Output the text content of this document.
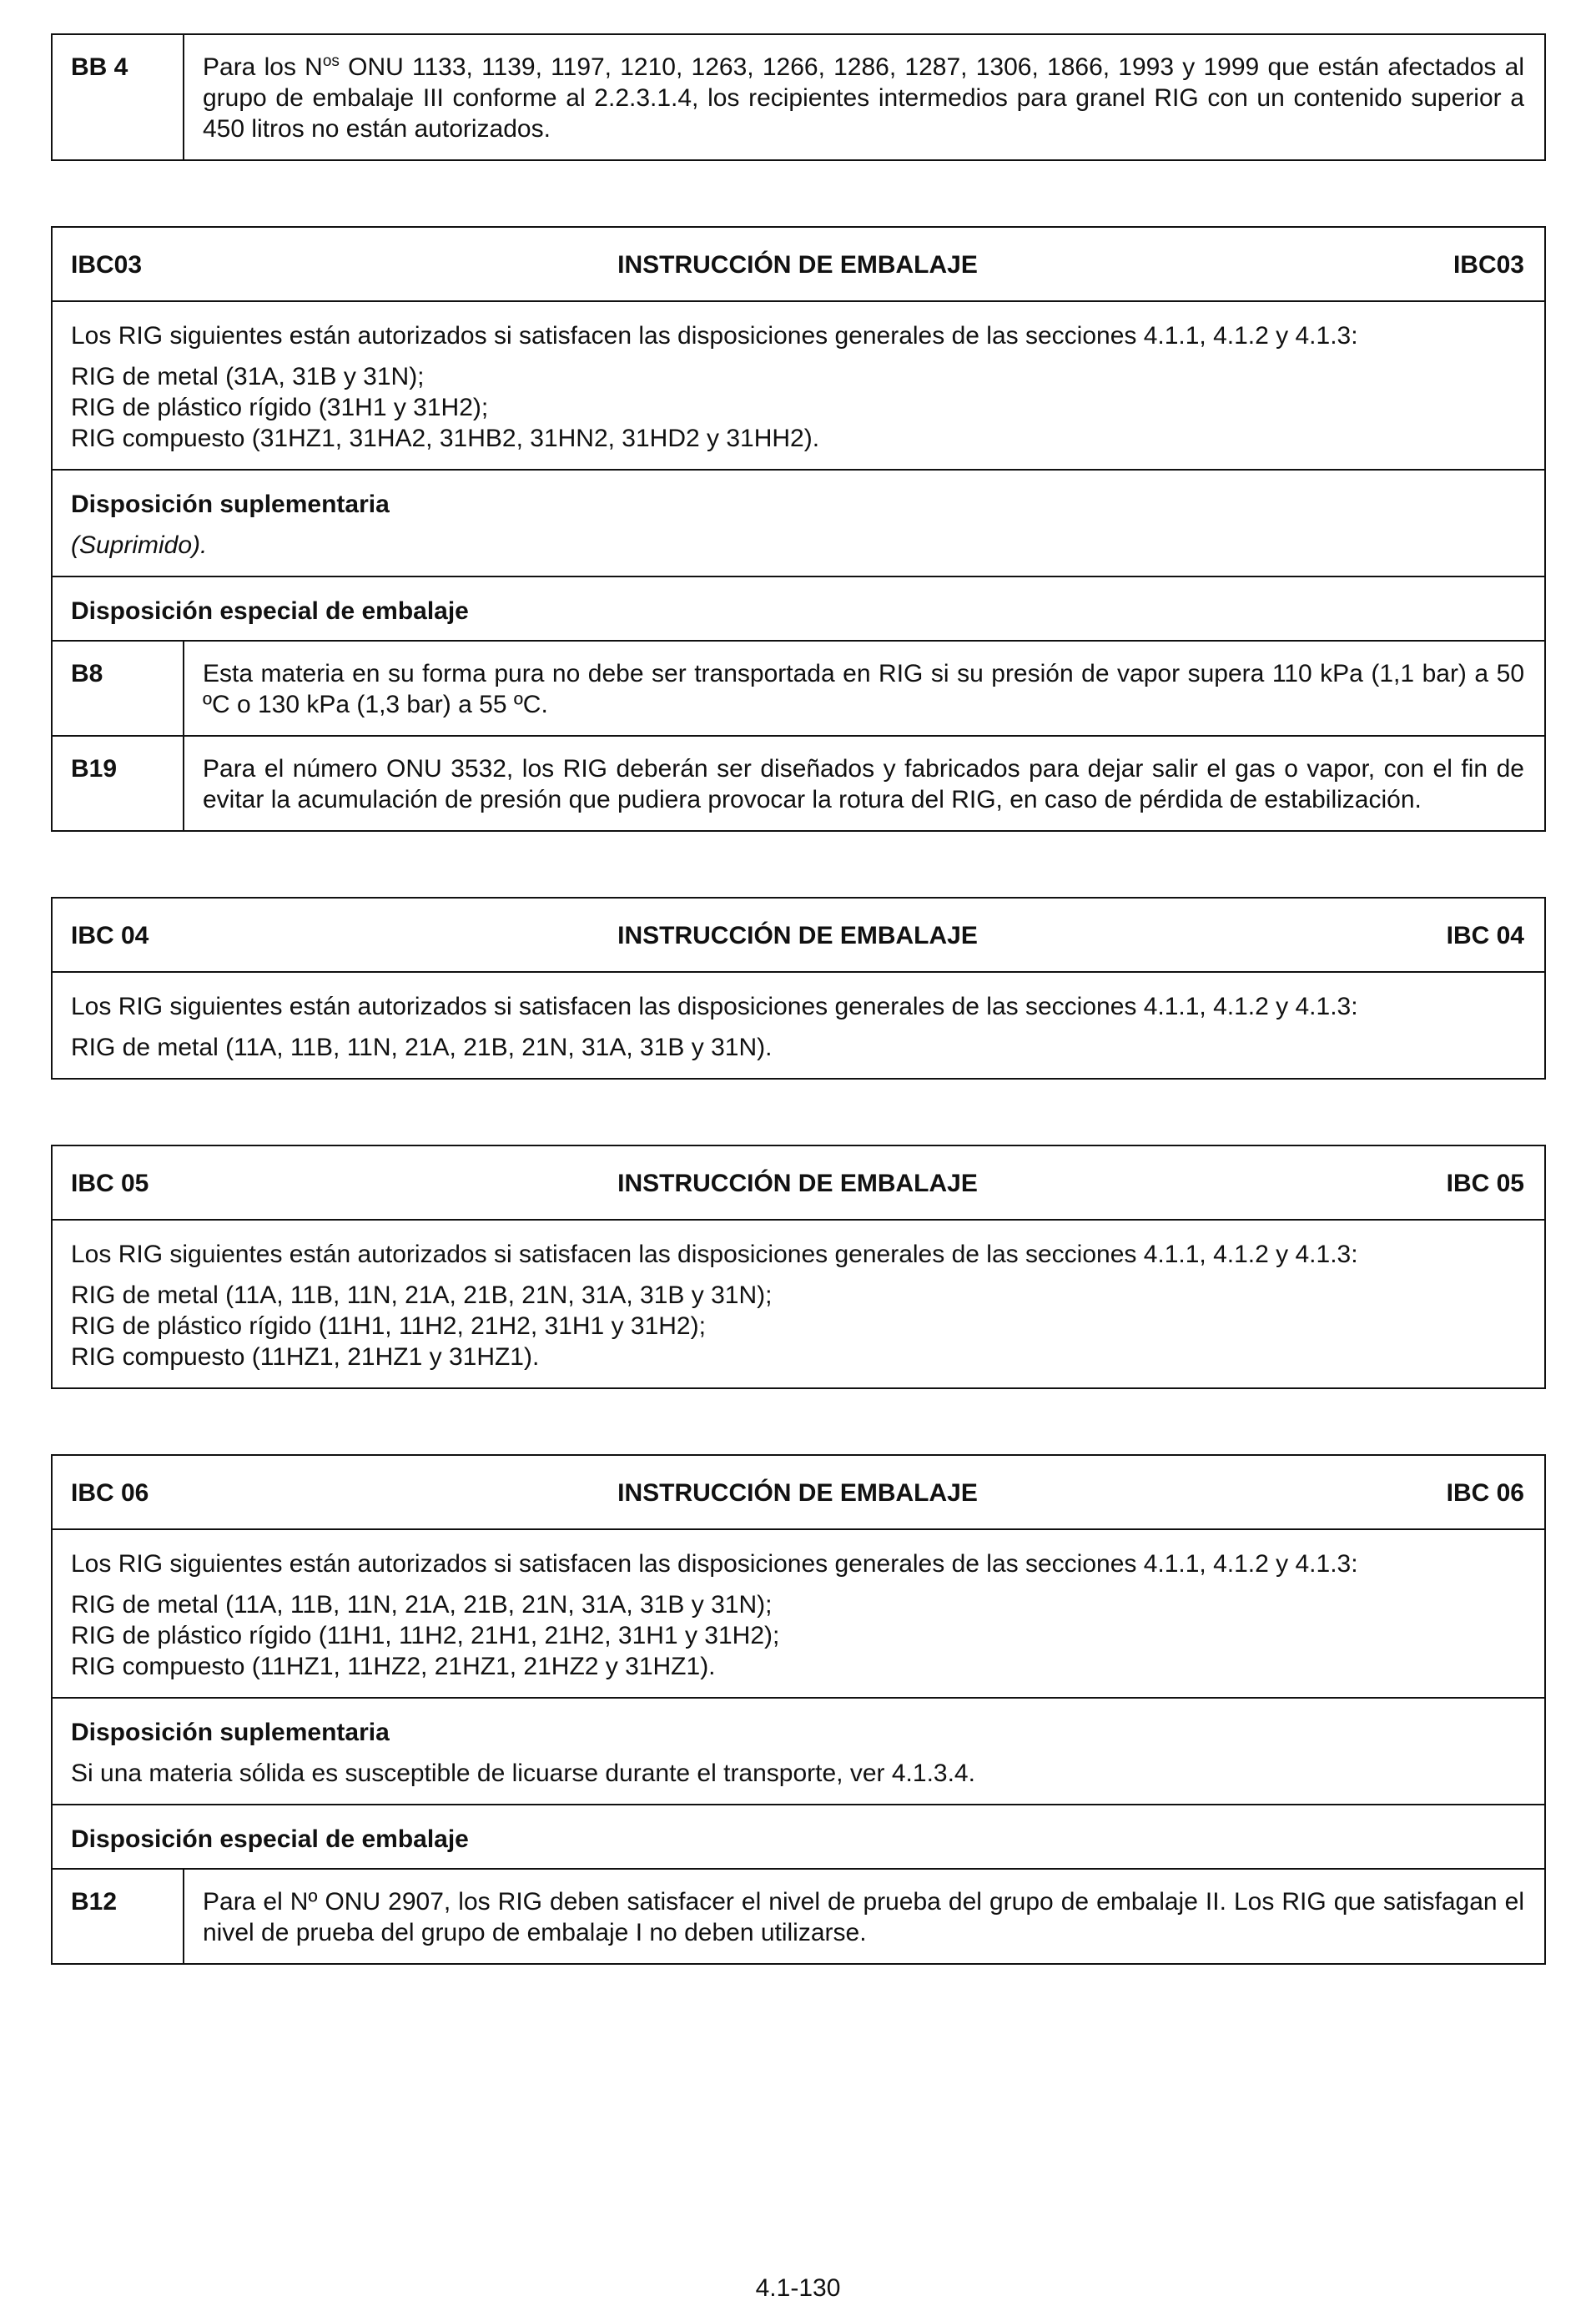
BB 4	Para los $N^{os}$ ONU 1133, 1139, 1197, 1210, 1263, 1266, 1286, 1287, 1306, 1866, 1993 y 1999 que están afectados al grupo de embalaje III conforme al 2.2.3.1.4, los recipientes intermedios para granel RIG con un contenido superior a 450 litros no están autorizados.
IBC03	INSTRUCCIÓN DE EMBALAJE	IBC03

Los RIG siguientes están autorizados si satisfacen las disposiciones generales de las secciones 4.1.1, 4.1.2 y 4.1.3:

RIG de metal (31A, 31B y 31N);
RIG de plástico rígido (31H1 y 31H2);
RIG compuesto (31HZ1, 31HA2, 31HB2, 31HN2, 31HD2 y 31HH2).

Disposición suplementaria

(Suprimido).

Disposición especial de embalaje

B8	Esta materia en su forma pura no debe ser transportada en RIG si su presión de vapor supera 110 kPa (1,1 bar) a 50 ºC o 130 kPa (1,3 bar) a 55 ºC.
B19	Para el número ONU 3532, los RIG deberán ser diseñados y fabricados para dejar salir el gas o vapor, con el fin de evitar la acumulación de presión que pudiera provocar la rotura del RIG, en caso de pérdida de estabilización.
IBC 04	INSTRUCCIÓN DE EMBALAJE	IBC 04

Los RIG siguientes están autorizados si satisfacen las disposiciones generales de las secciones 4.1.1, 4.1.2 y 4.1.3:

RIG de metal (11A, 11B, 11N, 21A, 21B, 21N, 31A, 31B y 31N).

IBC 05	INSTRUCCIÓN DE EMBALAJE	IBC 05

Los RIG siguientes están autorizados si satisfacen las disposiciones generales de las secciones 4.1.1, 4.1.2 y 4.1.3:

RIG de metal (11A, 11B, 11N, 21A, 21B, 21N, 31A, 31B y 31N);
RIG de plástico rígido (11H1, 11H2, 21H2, 31H1 y 31H2);
RIG compuesto (11HZ1, 21HZ1 y 31HZ1).

IBC 06	INSTRUCCIÓN DE EMBALAJE	IBC 06

Los RIG siguientes están autorizados si satisfacen las disposiciones generales de las secciones 4.1.1, 4.1.2 y 4.1.3:

RIG de metal (11A, 11B, 11N, 21A, 21B, 21N, 31A, 31B y 31N);
RIG de plástico rígido (11H1, 11H2, 21H1, 21H2, 31H1 y 31H2);
RIG compuesto (11HZ1, 11HZ2, 21HZ1, 21HZ2 y 31HZ1).

Disposición suplementaria

Si una materia sólida es susceptible de licuarse durante el transporte, ver 4.1.3.4.

Disposición especial de embalaje

B12	Para el Nº ONU 2907, los RIG deben satisfacer el nivel de prueba del grupo de embalaje II. Los RIG que satisfagan el nivel de prueba del grupo de embalaje I no deben utilizarse.
4.1-130
